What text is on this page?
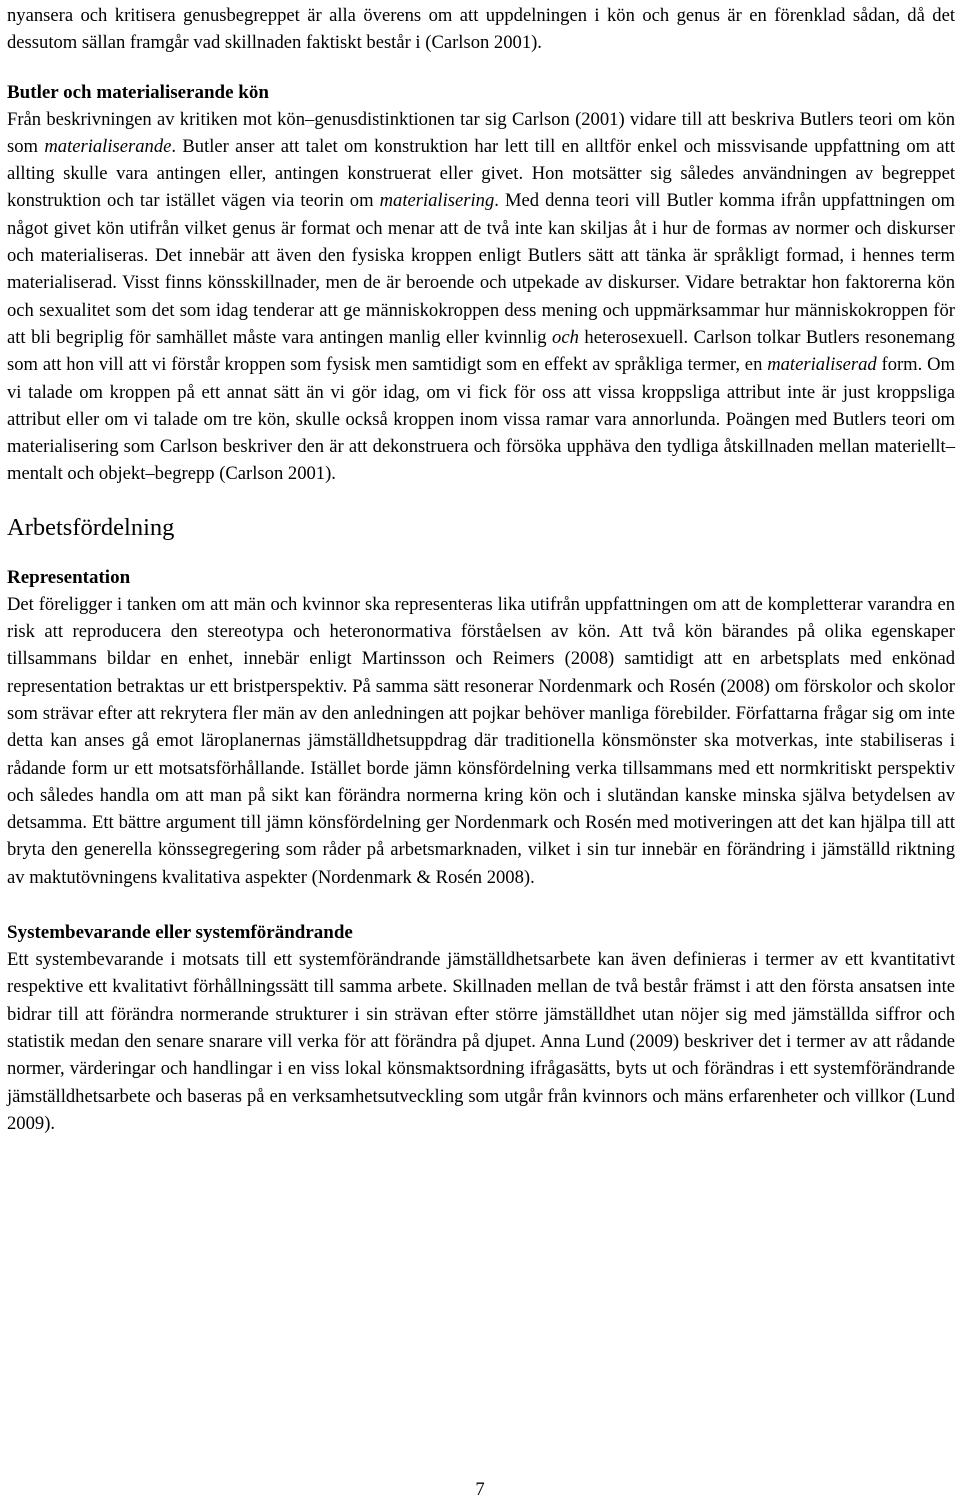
nyansera och kritisera genusbegreppet är alla överens om att uppdelningen i kön och genus är en förenklad sådan, då det dessutom sällan framgår vad skillnaden faktiskt består i (Carlson 2001).

Butler och materialiserande kön

Från beskrivningen av kritiken mot kön–genusdistinktionen tar sig Carlson (2001) vidare till att beskriva Butlers teori om kön som materialiserande. Butler anser att talet om konstruktion har lett till en alltför enkel och missvisande uppfattning om att allting skulle vara antingen eller, antingen konstruerat eller givet. Hon motsätter sig således användningen av begreppet konstruktion och tar istället vägen via teorin om materialisering. Med denna teori vill Butler komma ifrån uppfattningen om något givet kön utifrån vilket genus är format och menar att de två inte kan skiljas åt i hur de formas av normer och diskurser och materialiseras. Det innebär att även den fysiska kroppen enligt Butlers sätt att tänka är språkligt formad, i hennes term materialiserad. Visst finns könsskillnader, men de är beroende och utpekade av diskurser. Vidare betraktar hon faktorerna kön och sexualitet som det som idag tenderar att ge människokroppen dess mening och uppmärksammar hur människokroppen för att bli begriplig för samhället måste vara antingen manlig eller kvinnlig och heterosexuell. Carlson tolkar Butlers resonemang som att hon vill att vi förstår kroppen som fysisk men samtidigt som en effekt av språkliga termer, en materialiserad form. Om vi talade om kroppen på ett annat sätt än vi gör idag, om vi fick för oss att vissa kroppsliga attribut inte är just kroppsliga attribut eller om vi talade om tre kön, skulle också kroppen inom vissa ramar vara annorlunda. Poängen med Butlers teori om materialisering som Carlson beskriver den är att dekonstruera och försöka upphäva den tydliga åtskillnaden mellan materiellt–mentalt och objekt–begrepp (Carlson 2001).

Arbetsfördelning
Representation

Det föreligger i tanken om att män och kvinnor ska representeras lika utifrån uppfattningen om att de kompletterar varandra en risk att reproducera den stereotypa och heteronormativa förståelsen av kön. Att två kön bärandes på olika egenskaper tillsammans bildar en enhet, innebär enligt Martinsson och Reimers (2008) samtidigt att en arbetsplats med enkönad representation betraktas ur ett bristperspektiv. På samma sätt resonerar Nordenmark och Rosén (2008) om förskolor och skolor som strävar efter att rekrytera fler män av den anledningen att pojkar behöver manliga förebilder. Författarna frågar sig om inte detta kan anses gå emot läroplanernas jämställdhetsuppdrag där traditionella könsmönster ska motverkas, inte stabiliseras i rådande form ur ett motsatsförhållande. Istället borde jämn könsfördelning verka tillsammans med ett normkritiskt perspektiv och således handla om att man på sikt kan förändra normerna kring kön och i slutändan kanske minska själva betydelsen av detsamma. Ett bättre argument till jämn könsfördelning ger Nordenmark och Rosén med motiveringen att det kan hjälpa till att bryta den generella könssegregering som råder på arbetsmarknaden, vilket i sin tur innebär en förändring i jämställd riktning av maktutövningens kvalitativa aspekter (Nordenmark & Rosén 2008).

Systembevarande eller systemförändrande

Ett systembevarande i motsats till ett systemförändrande jämställdhetsarbete kan även definieras i termer av ett kvantitativt respektive ett kvalitativt förhållningssätt till samma arbete. Skillnaden mellan de två består främst i att den första ansatsen inte bidrar till att förändra normerande strukturer i sin strävan efter större jämställdhet utan nöjer sig med jämställda siffror och statistik medan den senare snarare vill verka för att förändra på djupet. Anna Lund (2009) beskriver det i termer av att rådande normer, värderingar och handlingar i en viss lokal könsmaktsordning ifrågasätts, byts ut och förändras i ett systemförändrande jämställdhetsarbete och baseras på en verksamhetsutveckling som utgår från kvinnors och mäns erfarenheter och villkor (Lund 2009).

7
